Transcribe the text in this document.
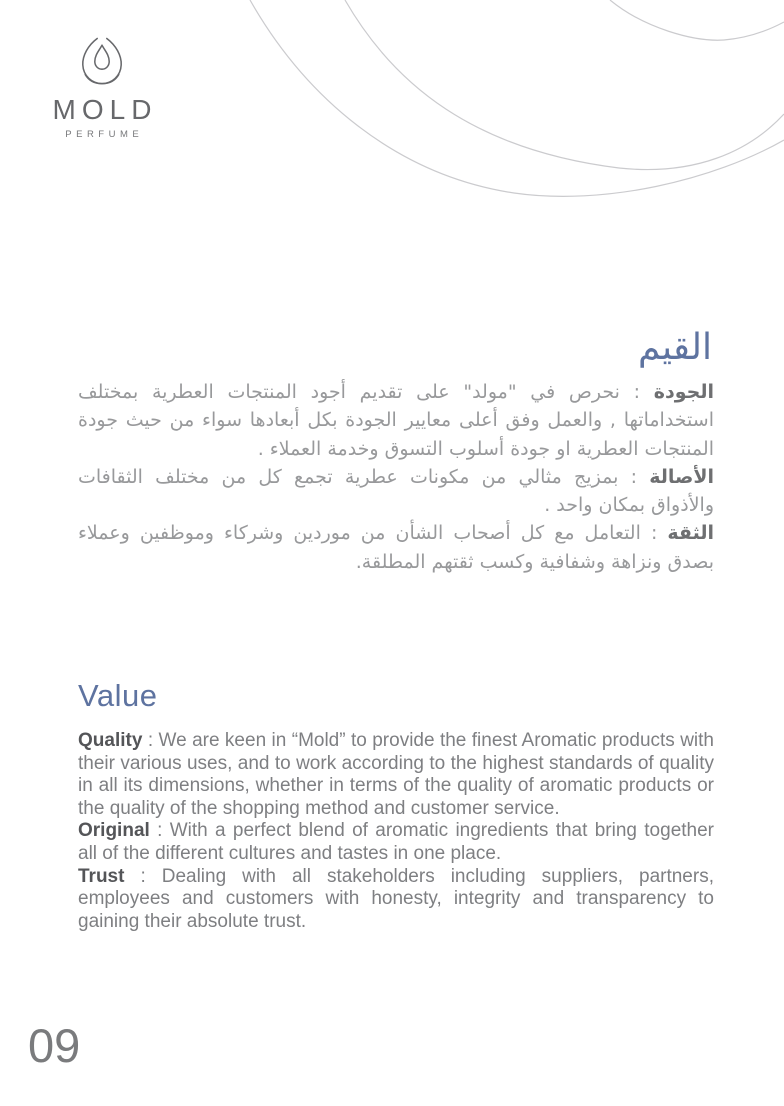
MOLD
PERFUME
القيم

الجودة : نحرص في "مولد" على تقديم أجود المنتجات العطرية بمختلف استخداماتها , والعمل وفق أعلى معايير الجودة بكل أبعادها سواء من حيث جودة المنتجات العطرية او جودة أسلوب التسوق وخدمة العملاء .

الأصالة : بمزيج مثالي من مكونات عطرية تجمع كل من مختلف الثقافات والأذواق بمكان واحد .

الثقة : التعامل مع كل أصحاب الشأن من موردين وشركاء وموظفين وعملاء بصدق ونزاهة وشفافية وكسب ثقتهم المطلقة.

Value

Quality : We are keen in “Mold” to provide the finest Aromatic products with their various uses, and to work according to the highest standards of quality in all its dimensions, whether in terms of the quality of aromatic products or the quality of the shopping method and customer service.

Original : With a perfect blend of aromatic ingredients that bring together all of the different cultures and tastes in one place.

Trust : Dealing with all stakeholders including suppliers, partners, employees and customers with honesty, integrity and transparency to gaining their absolute trust.

09
